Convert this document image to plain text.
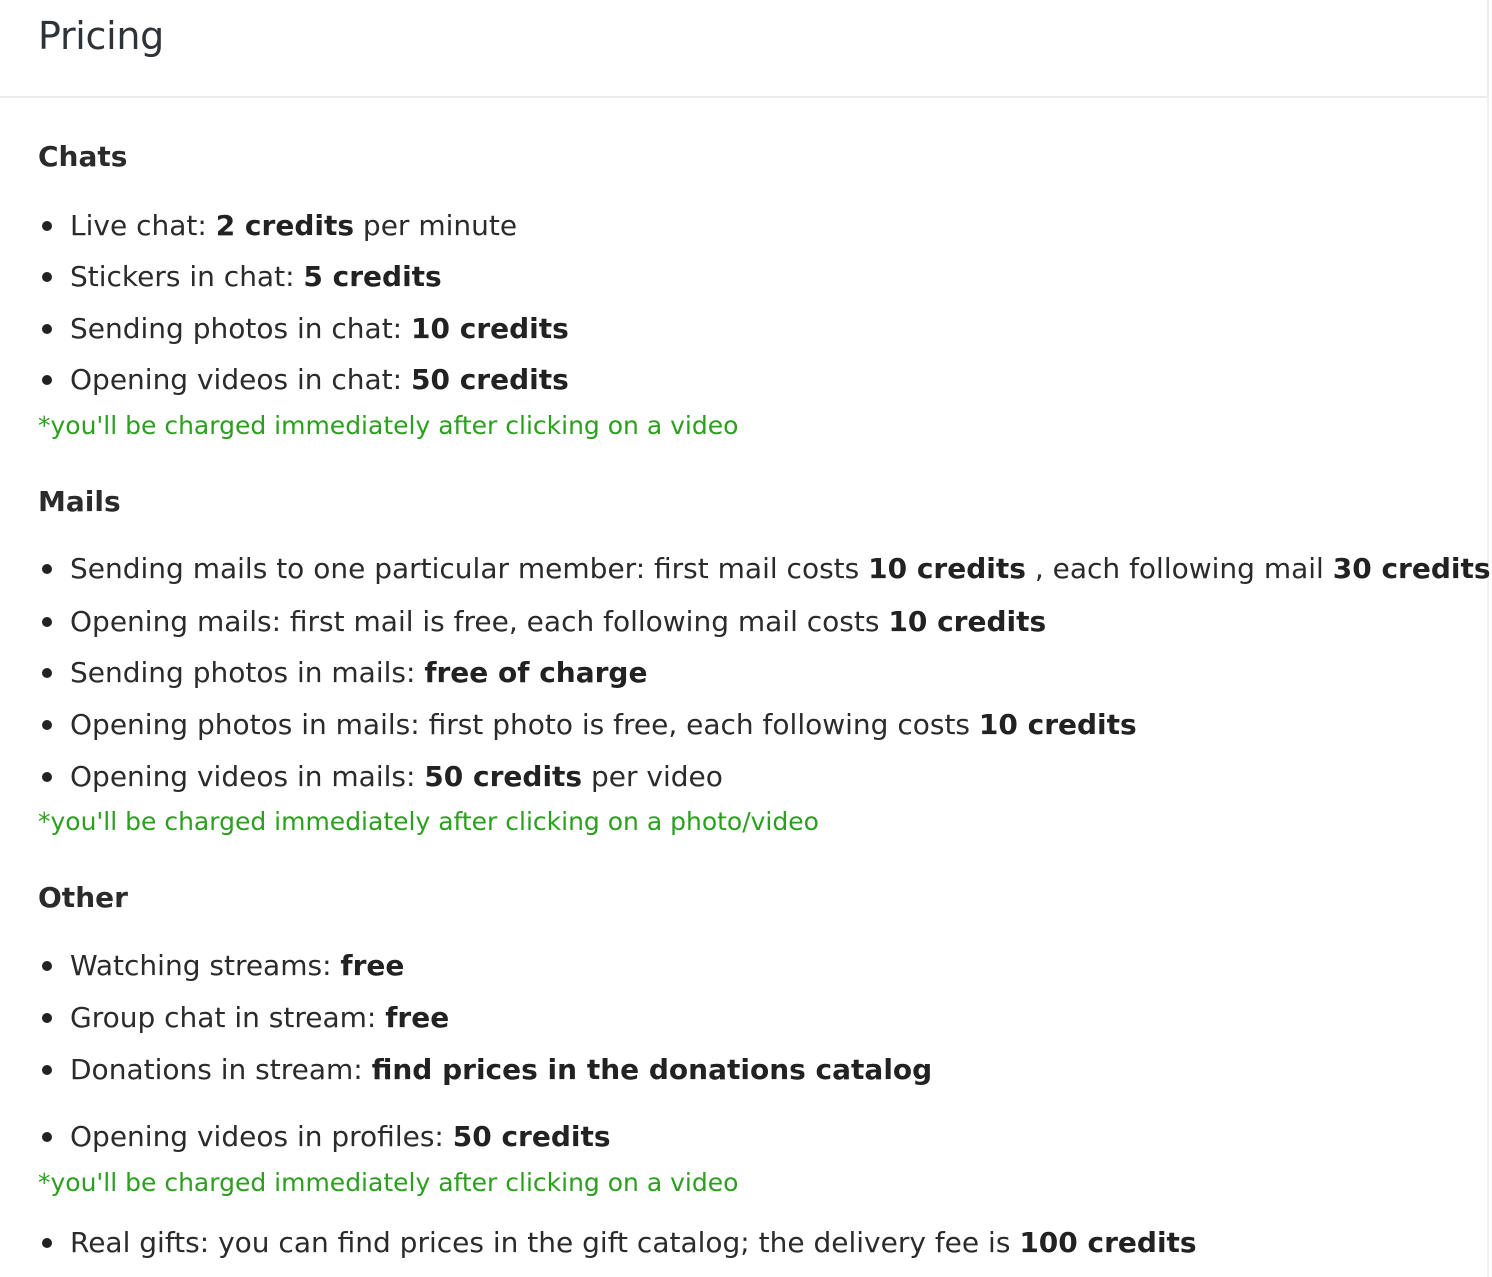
Pricing
Chats
Live chat: 2 credits per minute
Stickers in chat: 5 credits
Sending photos in chat: 10 credits
Opening videos in chat: 50 credits
*you'll be charged immediately after clicking on a video
Mails
Sending mails to one particular member: first mail costs 10 credits , each following mail 30 credits
Opening mails: first mail is free, each following mail costs 10 credits
Sending photos in mails: free of charge
Opening photos in mails: first photo is free, each following costs 10 credits
Opening videos in mails: 50 credits per video
*you'll be charged immediately after clicking on a photo/video
Other
Watching streams: free
Group chat in stream: free
Donations in stream: find prices in the donations catalog
Opening videos in profiles: 50 credits
*you'll be charged immediately after clicking on a video
Real gifts: you can find prices in the gift catalog; the delivery fee is 100 credits
